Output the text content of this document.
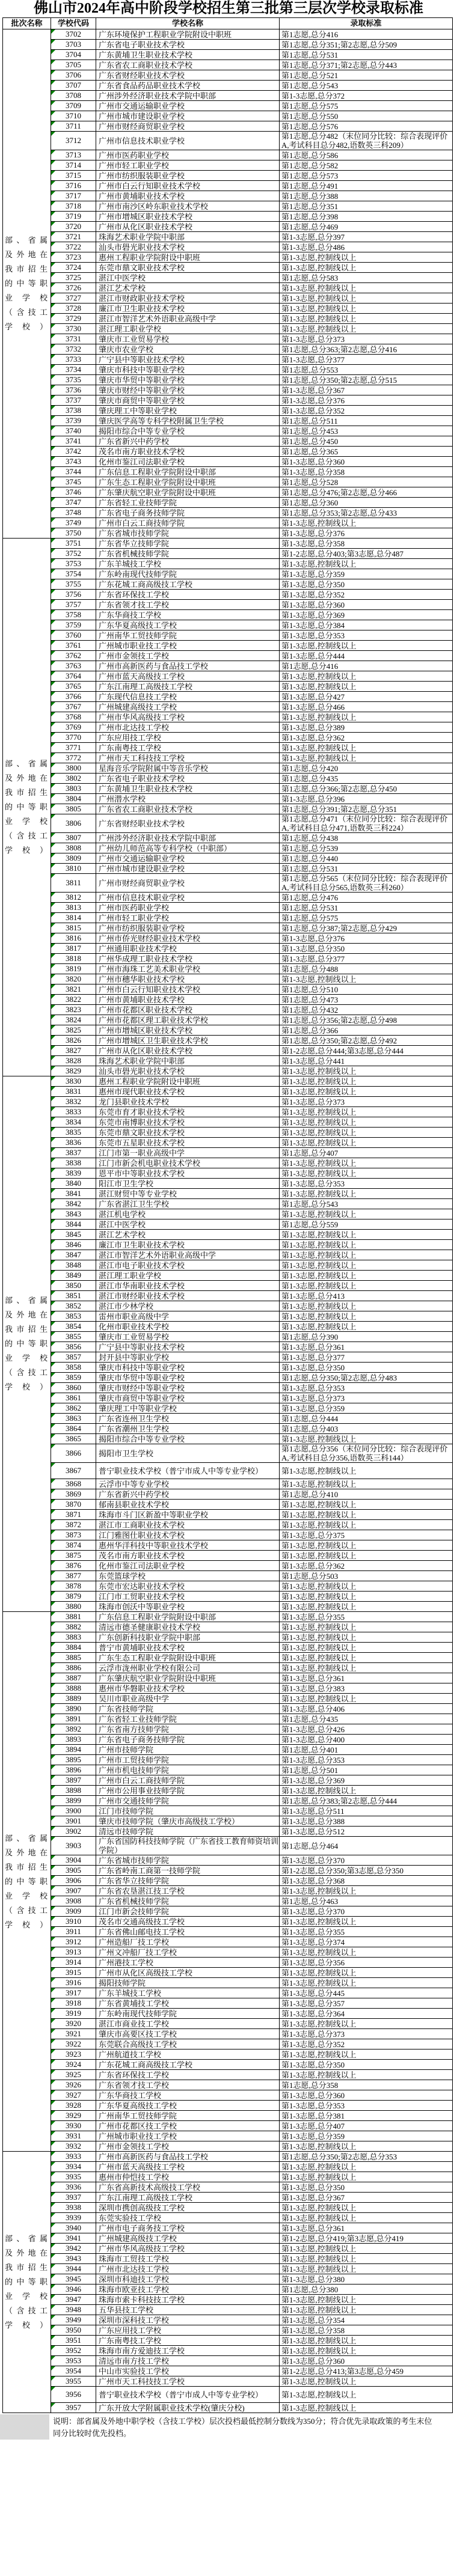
佛山市2024年高中阶段学校招生第三批第三层次学校录取标准
批次名称	学校代码	学校名称	录取标准
部、省属及外地在我市招生的中等职业学校（含技工学校）	3702	广东环境保护工程职业学院附设中职班	第1志愿,总分416

3703	广东省电子职业技术学校	第1志愿,总分351;第2志愿,总分509

3704	广东黄埔卫生职业技术学校	第1志愿,总分531

3705	广东省农工商职业技术学校	第1志愿,总分371;第2志愿,总分443

3706	广东省财经职业技术学校	第1志愿,总分521

3707	广东省食品药品职业技术学校	第1志愿,总分543

3708	广州涉外经济职业技术学院中职部	第1-3志愿,总分372

3709	广州市交通运输职业学校	第1志愿,总分575

3710	广州市城市建设职业学校	第1志愿,总分550

3711	广州市财经商贸职业学校	第1志愿,总分576

3712	广州市信息技术职业学校	第1志愿,总分482（末位同分比较：综合表现评价A,考试科目总分482,语数英三科209）

3713	广州市医药职业学校	第1志愿,总分586

3714	广州市轻工职业学校	第1志愿,总分582

3715	广州市纺织服装职业学校	第1志愿,总分573

3716	广州市白云行知职业技术学校	第1志愿,总分491

3717	广州市黄埔职业技术学校	第1志愿,总分388

3718	广州市南沙区岭东职业技术学校	第1志愿,总分351

3719	广州市增城区职业技术学校	第1志愿,总分398

3720	广州市从化区职业技术学校	第1志愿,总分469

3721	珠海艺术职业学院中职部	第1-3志愿,总分397

3722	汕头市礐光职业技术学校	第1-3志愿,总分486

3723	惠州工程职业学院附设中职班	第1-3志愿,控制线以上

3724	东莞市鼎文职业技术学校	第1-3志愿,控制线以上

3725	湛江中医学校	第1志愿,总分583

3726	湛江艺术学校	第1-3志愿,控制线以上

3727	湛江市财政职业技术学校	第1-3志愿,控制线以上

3728	廉江市卫生职业技术学校	第1-3志愿,控制线以上

3729	湛江市智洋艺术外语职业高级中学	第1-3志愿,控制线以上

3730	湛江理工职业学校	第1-3志愿,控制线以上

3731	肇庆市工业贸易学校	第1-3志愿,总分373

3732	肇庆市农业学校	第1志愿,总分363;第2志愿,总分416

3733	广宁县中等职业技术学校	第1-3志愿,总分377

3734	肇庆市科技中等职业学校	第1志愿,总分553

3735	肇庆市华贸中等职业学校	第1志愿,总分350;第2志愿,总分515

3736	肇庆市财经中等职业学校	第1-3志愿,总分367

3737	肇庆市商贸中等职业学校	第1-3志愿,总分376

3738	肇庆理工中等职业学校	第1-3志愿,总分352

3739	肇庆医学高等专科学校附属卫生学校	第1志愿,总分511

3740	揭阳市综合中等专业学校	第1志愿,总分453

3741	广东省新兴中药学校	第1志愿,总分450

3742	茂名市南方职业技术学校	第1志愿,总分365

3743	化州市鉴江司法职业学校	第1-3志愿,总分360

3744	广东信息工程职业学院附设中职部	第1-3志愿,总分358

3745	广东生态工程职业学院附设中职班	第1志愿,总分528

3746	广东肇庆航空职业学院附设中职班	第1志愿,总分476;第2志愿,总分466

3747	广东省轻工业技师学院	第1志愿,总分360

3748	广东省电子商务技师学院	第1志愿,总分353;第2志愿,总分433

3749	广州市白云工商技师学院	第1-3志愿,控制线以上

3750	广东省城市技师学院	第1-3志愿,总分376
部、省属及外地在我市招生的中等职业学校（含技工学校）	3751	广东省华立技师学院	第1-3志愿,总分358

3752	广东省机械技师学院	第1-2志愿,总分403;第3志愿,总分487

3753	广东羊城技工学校	第1-3志愿,控制线以上

3754	广东岭南现代技师学院	第1-3志愿,总分359

3755	广东花城工商高级技工学校	第1-3志愿,总分350

3756	广东省环保技工学校	第1-3志愿,总分352

3757	广东省领才技工学校	第1-3志愿,总分360

3758	广东华商技工学校	第1-3志愿,总分369

3759	广东华夏高级技工学校	第1-3志愿,总分384

3760	广州南华工贸技师学院	第1-3志愿,总分353

3761	广州城市职业技工学校	第1-3志愿,控制线以上

3762	广州市金领技工学校	第1-3志愿,总分444

3763	广州市高新医药与食品技工学校	第1志愿,总分416

3764	广州市蓝天高级技工学校	第1-3志愿,控制线以上

3765	广东江南理工高级技工学校	第1-3志愿,控制线以上

3766	广东现代信息技工学校	第1-3志愿,总分427

3767	广州城建高级技工学校	第1-3志愿,总分466

3768	广州市华风高级技工学校	第1-3志愿,控制线以上

3769	广州市北达技工学校	第1-3志愿,总分389

3770	广东应用技工学校	第1-3志愿,总分362

3771	广东南粤技工学校	第1-3志愿,控制线以上

3772	广州市天工科技技工学校	第1-3志愿,控制线以上

3800	星海音乐学院附属中等音乐学校	第1志愿,总分420

3802	广东省电子职业技术学校	第1志愿,总分435

3803	广东黄埔卫生职业技术学校	第1志愿,总分366;第2志愿,总分450

3804	广州潜水学校	第1-3志愿,总分396

3805	广东省农工商职业技术学校	第1志愿,总分391;第2志愿,总分351

3806	广东省财经职业技术学校	第1志愿,总分471（末位同分比较：综合表现评价A,考试科目总分471,语数英三科224）

3807	广州涉外经济职业技术学院中职部	第1志愿,总分438

3808	广州幼儿师范高等专科学校（中职部）	第1志愿,总分539

3809	广州市交通运输职业学校	第1志愿,总分440

3810	广州市城市建设职业学校	第1志愿,总分531

3811	广州市财经商贸职业学校	第1志愿,总分565（末位同分比较：综合表现评价A,考试科目总分565,语数英三科260）

3812	广州市信息技术职业学校	第1志愿,总分476

3813	广州市医药职业学校	第1志愿,总分531

3814	广州市轻工职业学校	第1志愿,总分575

3815	广州市纺织服装职业学校	第1志愿,总分387;第2志愿,总分429

3816	广州市侨光财经职业技术学校	第1-3志愿,总分376

3817	广州通用职业技术学校	第1-3志愿,总分350

3818	广州华成理工职业技术学校	第1-3志愿,总分377

3819	广州市海珠工艺美术职业学校	第1志愿,总分488

3820	广州市穗华职业技术学校	第1-3志愿,控制线以上

3821	广州市白云行知职业技术学校	第1志愿,总分510

3822	广州市黄埔职业技术学校	第1志愿,总分473

3823	广州市花都区职业技术学校	第1志愿,总分432

3824	广州市花都区理工职业技术学校	第1志愿,总分356;第2志愿,总分498

3825	广州市增城区职业技术学校	第1志愿,总分366

3826	广州市增城区卫生职业技术学校	第1志愿,总分350;第2志愿,总分492

3827	广州市从化区职业技术学校	第1-2志愿,总分444;第3志愿,总分444

3828	珠海艺术职业学院中职部	第1-3志愿,总分441

3829	汕头市礐光职业技术学校	第1-3志愿,控制线以上
部、省属及外地在我市招生的中等职业学校（含技工学校）	3830	惠州工程职业学院附设中职班	第1-3志愿,控制线以上

3831	惠州市现代职业技术学校	第1-3志愿,控制线以上

3832	龙门县职业技术学校	第1-3志愿,总分373

3833	东莞市育才职业技术学校	第1-3志愿,控制线以上

3834	东莞市南博职业技术学校	第1-3志愿,控制线以上

3835	东莞市鼎文职业技术学校	第1-3志愿,控制线以上

3836	东莞市五星职业技术学校	第1-3志愿,控制线以上

3837	江门市第一职业高级中学	第1志愿,总分407

3838	江门市新会机电职业技术学校	第1-3志愿,控制线以上

3839	恩平市中等职业技术学校	第1-3志愿,控制线以上

3840	阳江市卫生学校	第1-3志愿,总分353

3841	湛江财贸中等专业学校	第1-3志愿,控制线以上

3842	广东省湛江卫生学校	第1志愿,总分543

3843	湛江机电学校	第1-3志愿,控制线以上

3844	湛江中医学校	第1志愿,总分559

3845	湛江艺术学校	第1-3志愿,控制线以上

3846	廉江市卫生职业技术学校	第1-3志愿,控制线以上

3847	湛江市智洋艺术外语职业高级中学	第1-3志愿,控制线以上

3848	湛江市电子职业技术学校	第1-3志愿,控制线以上

3849	湛江理工职业学校	第1-3志愿,控制线以上

3850	湛江市华南职业技术学校	第1-3志愿,控制线以上

3851	湛江市财经职业技术学校	第1-3志愿,总分413

3852	湛江市少林学校	第1-3志愿,控制线以上

3853	雷州市职业高级中学	第1-3志愿,控制线以上

3854	化州市职业技术学校	第1-3志愿,控制线以上

3855	肇庆市工业贸易学校	第1志愿,总分390

3856	广宁县中等职业技术学校	第1-3志愿,总分361

3857	封开县中等职业学校	第1-3志愿,总分377

3858	肇庆市科技中等职业学校	第1-3志愿,总分350

3859	肇庆市华贸中等职业学校	第1志愿,总分350;第2志愿,总分483

3860	肇庆市财经中等职业学校	第1-3志愿,总分353

3861	肇庆市商贸中等职业学校	第1-3志愿,总分373

3862	肇庆理工中等职业学校	第1-3志愿,总分359

3863	广东省连州卫生学校	第1志愿,总分444

3864	广东省潮州卫生学校	第1志愿,总分403

3865	揭阳市综合中等专业学校	第1-3志愿,控制线以上

3866	揭阳市卫生学校	第1志愿,总分356（末位同分比较：综合表现评价A,考试科目总分356,语数英三科144）

3867	普宁职业技术学校（普宁市成人中等专业学校）	第1-3志愿,控制线以上

3868	云浮市中等专业学校	第1-3志愿,控制线以上

3869	广东省新兴中药学校	第1志愿,总分410

3870	郁南县职业技术学校	第1-3志愿,控制线以上

3871	珠海市斗门区新盈中等职业学校	第1-3志愿,控制线以上

3872	湛江市工商职业技术学校	第1-3志愿,控制线以上

3873	江门雅图仕职业技术学校	第1-3志愿,总分375

3874	惠州华洋科技中等职业技术学校	第1-3志愿,控制线以上

3875	茂名市南方职业技术学校	第1-3志愿,控制线以上

3876	化州市鉴江司法职业学校	第1-3志愿,总分362

3877	东莞篮球学校	第1志愿,总分503

3878	东莞市宏达职业技术学校	第1-3志愿,控制线以上

3879	江门市工贸职业技术学校	第1-3志愿,控制线以上

3880	珠海市创沃中等职业学校	第1-3志愿,控制线以上
部、省属及外地在我市招生的中等职业学校（含技工学校）	3881	广东信息工程职业学院附设中职部	第1-3志愿,总分355

3882	清远市德圣健康职业技术学校	第1-3志愿,控制线以上

3883	广东创新科技职业学院中职部	第1-3志愿,控制线以上

3884	普宁市黄埔职业技术学校	第1-3志愿,控制线以上

3885	广东生态工程职业学院附设中职班	第1-3志愿,控制线以上

3886	云浮市泷州职业学校有限公司	第1-3志愿,控制线以上

3887	广东肇庆航空职业学院附设中职班	第1-3志愿,总分361

3888	惠州市华磐职业技术学校	第1-3志愿,总分383

3889	吴川市职业高级中学	第1-3志愿,控制线以上

3890	广东省技师学院	第1-3志愿,总分406

3891	广东省轻工业技师学院	第1志愿,总分435

3892	广东省南方技师学院	第1-3志愿,总分426

3893	广东省电子商务技师学院	第1-3志愿,总分400

3894	广州市技师学院	第1志愿,总分401

3895	广州市工贸技师学院	第1-3志愿,总分353

3896	广州市机电技师学院	第1志愿,总分501

3897	广州市白云工商技师学院	第1-3志愿,总分369

3898	广州市公用事业技师学院	第1-3志愿,控制线以上

3899	广州市交通技师学院	第1志愿,总分383;第2志愿,总分444

3900	江门市技师学院	第1-3志愿,总分511

3901	肇庆市技师学院（肇庆市高级技工学校）	第1-3志愿,总分388

3902	清远市技师学院	第1-3志愿,总分512

3903	广东省国防科技技师学院（广东省技工教育师资培训学院）	第1志愿,总分464

3904	广东省城市技师学院	第1-3志愿,总分370

3905	广东省岭南工商第一技师学院	第1-2志愿,总分350;第3志愿,总分350

3906	广东省华立技师学院	第1-3志愿,总分368

3907	广东省农垦湛江技工学校	第1-3志愿,控制线以上

3908	广东省机械技师学院	第1志愿,总分463

3909	江门市新会技师学院	第1-3志愿,总分370

3910	茂名市交通高级技工学校	第1-3志愿,控制线以上

3911	广东省佛山邮电技工学校	第1-3志愿,总分355

3912	广州造船厂技工学校	第1-3志愿,总分374

3913	广州文冲船厂技工学校	第1-3志愿,控制线以上

3914	广州港技工学校	第1-3志愿,总分356

3915	广州市从化区高级技工学校	第1-3志愿,控制线以上

3916	揭阳技师学院	第1-3志愿,控制线以上

3917	广东羊城技工学校	第1-3志愿,总分445

3918	广东省黄埔技工学校	第1-3志愿,总分357

3919	广东岭南现代技师学院	第1-3志愿,总分364

3920	湛江市商业技工学校	第1-3志愿,控制线以上

3921	肇庆市高要区技工学校	第1-3志愿,总分373

3922	东莞联合高级技工学校	第1-3志愿,总分352

3923	广州航道技工学校	第1-3志愿,控制线以上

3924	广东花城工商高级技工学校	第1-3志愿,总分350

3925	广东省环保技工学校	第1-3志愿,控制线以上

3926	广东省领才技工学校	第1志愿,总分358

3927	广东华商技工学校	第1-3志愿,总分360

3928	广东华夏高级技工学校	第1-3志愿,总分353

3929	广州南华工贸技师学院	第1-3志愿,总分381

3930	广州市花都区技工学校	第1-3志愿,总分407

3931	广州城市职业技工学校	第1-3志愿,总分359

3932	广州市金领技工学校	第1-3志愿,控制线以上
部、省属及外地在我市招生的中等职业学校（含技工学校）	3933	广州市高新医药与食品技工学校	第1志愿,总分350;第2志愿,总分353

3934	广州市蓝天高级技工学校	第1-3志愿,控制线以上

3935	惠州市仲恺技工学校	第1-3志愿,控制线以上

3936	广东省高新技术高级技工学校	第1-3志愿,总分350

3937	广东江南理工高级技工学校	第1-3志愿,总分367

3938	深圳市携创高级技工学校	第1-3志愿,控制线以上

3939	东莞实验技工学校	第1-3志愿,控制线以上

3940	广州市电子商务技工学校	第1-3志愿,总分361

3941	广州城建高级技工学校	第1-2志愿,总分419;第3志愿,总分419

3942	广州市华风高级技工学校	第1-3志愿,控制线以上

3943	珠海市工贸技工学校	第1-3志愿,控制线以上

3944	广州市北达技工学校	第1-3志愿,控制线以上

3945	深圳市科迪技工学校	第1-3志愿,总分380

3946	珠海市欧亚技工学校	第1志愿,总分380

3947	珠海市索卡科技技工学校	第1-3志愿,控制线以上

3948	五华县技工学校	第1-3志愿,控制线以上

3949	深圳市深科技工学校	第1-3志愿,总分354

3950	广东应用技工学校	第1-3志愿,总分358

3951	广东南粤技工学校	第1-3志愿,控制线以上

3952	珠海市南方爱迪技工学校	第1-3志愿,控制线以上

3953	清远市南方技工学校	第1-3志愿,总分360

3954	中山市实验技工学校	第1-2志愿,总分413;第3志愿,总分459

3955	广州市天工科技技工学校	第1-3志愿,控制线以上

3956	普宁职业技术学校（普宁市成人中等专业学校）	第1-3志愿,控制线以上

3957	广东开放大学附属职业技术学校(肇庆分校)	第1-3志愿,控制线以上
说明：部省属及外地中职学校（含技工学校）层次投档最低控制分数线为350分；符合优先录取政策的考生末位同分比较时优先投档。
